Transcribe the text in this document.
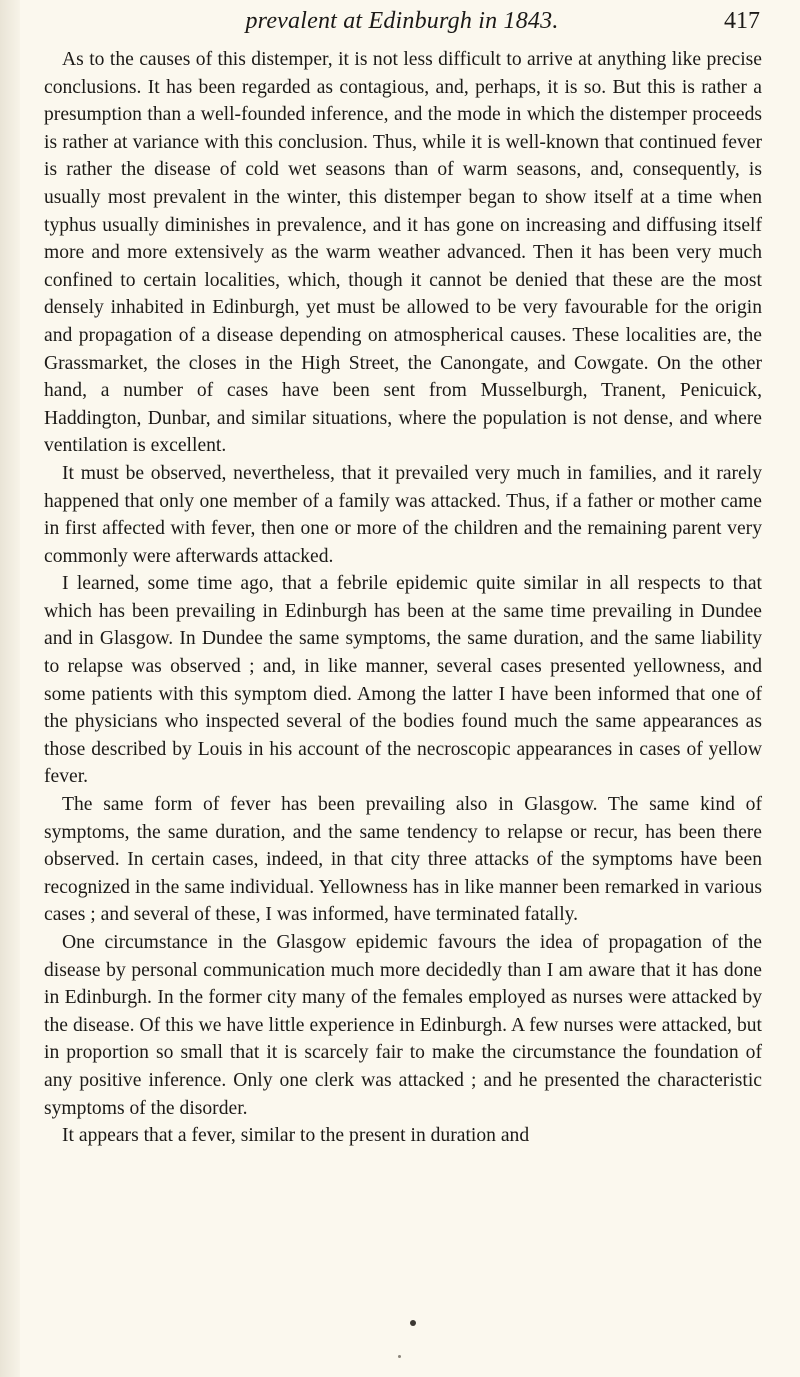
prevalent at Edinburgh in 1843.	417

As to the causes of this distemper, it is not less difficult to arrive at anything like precise conclusions. It has been regarded as contagious, and, perhaps, it is so. But this is rather a presumption than a well-founded inference, and the mode in which the distemper proceeds is rather at variance with this conclusion. Thus, while it is well-known that continued fever is rather the disease of cold wet seasons than of warm seasons, and, consequently, is usually most prevalent in the winter, this distemper began to show itself at a time when typhus usually diminishes in prevalence, and it has gone on increasing and diffusing itself more and more extensively as the warm weather advanced. Then it has been very much confined to certain localities, which, though it cannot be denied that these are the most densely inhabited in Edinburgh, yet must be allowed to be very favourable for the origin and propagation of a disease depending on atmospherical causes. These localities are, the Grassmarket, the closes in the High Street, the Canongate, and Cowgate. On the other hand, a number of cases have been sent from Musselburgh, Tranent, Penicuick, Haddington, Dunbar, and similar situations, where the population is not dense, and where ventilation is excellent.

It must be observed, nevertheless, that it prevailed very much in families, and it rarely happened that only one member of a family was attacked. Thus, if a father or mother came in first affected with fever, then one or more of the children and the remaining parent very commonly were afterwards attacked.

I learned, some time ago, that a febrile epidemic quite similar in all respects to that which has been prevailing in Edinburgh has been at the same time prevailing in Dundee and in Glasgow. In Dundee the same symptoms, the same duration, and the same liability to relapse was observed ; and, in like manner, several cases presented yellowness, and some patients with this symptom died. Among the latter I have been informed that one of the physicians who inspected several of the bodies found much the same appearances as those described by Louis in his account of the necroscopic appearances in cases of yellow fever.

The same form of fever has been prevailing also in Glasgow. The same kind of symptoms, the same duration, and the same tendency to relapse or recur, has been there observed. In certain cases, indeed, in that city three attacks of the symptoms have been recognized in the same individual. Yellowness has in like manner been remarked in various cases ; and several of these, I was informed, have terminated fatally.

One circumstance in the Glasgow epidemic favours the idea of propagation of the disease by personal communication much more decidedly than I am aware that it has done in Edinburgh. In the former city many of the females employed as nurses were attacked by the disease. Of this we have little experience in Edinburgh. A few nurses were attacked, but in proportion so small that it is scarcely fair to make the circumstance the foundation of any positive inference. Only one clerk was attacked ; and he presented the characteristic symptoms of the disorder.

It appears that a fever, similar to the present in duration and
